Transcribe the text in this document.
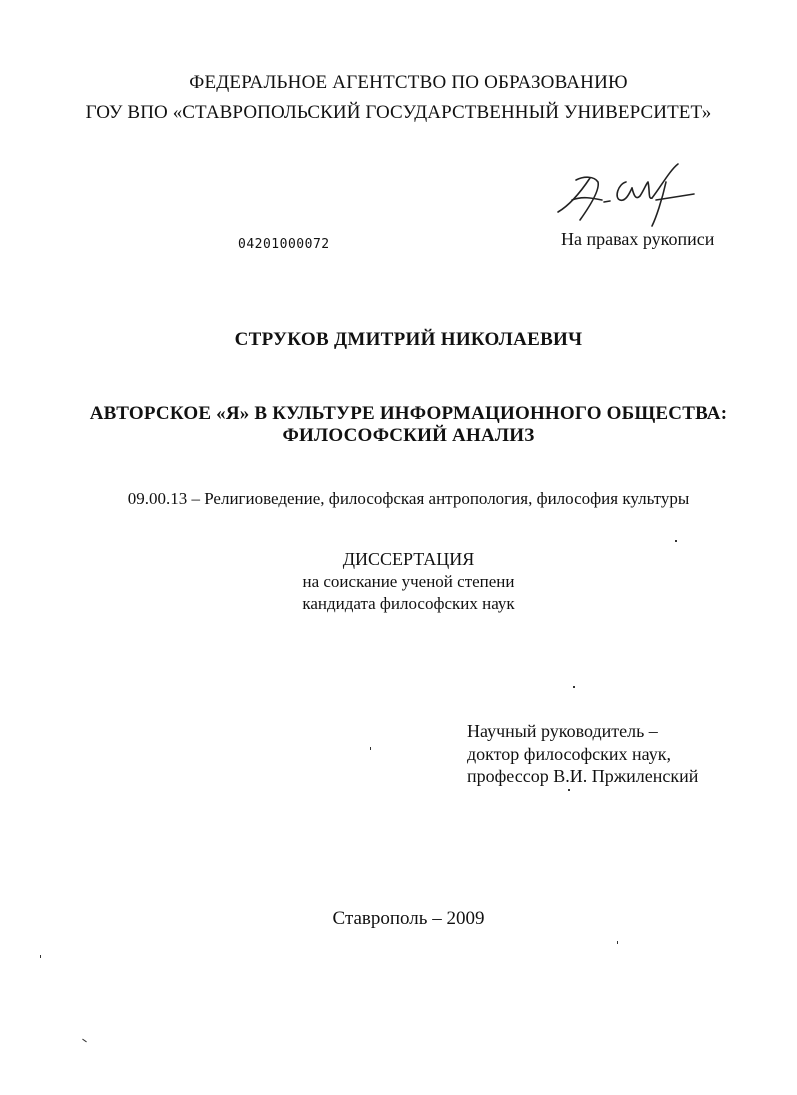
ФЕДЕРАЛЬНОЕ АГЕНТСТВО ПО ОБРАЗОВАНИЮ
ГОУ ВПО «СТАВРОПОЛЬСКИЙ ГОСУДАРСТВЕННЫЙ УНИВЕРСИТЕТ»
04201000072	На правах рукописи
СТРУКОВ ДМИТРИЙ НИКОЛАЕВИЧ
АВТОРСКОЕ «Я» В КУЛЬТУРЕ ИНФОРМАЦИОННОГО ОБЩЕСТВА:
ФИЛОСОФСКИЙ АНАЛИЗ
09.00.13 – Религиоведение, философская антропология, философия культуры
ДИССЕРТАЦИЯ
на соискание ученой степени
кандидата философских наук
Научный руководитель –
доктор философских наук,
профессор В.И. Пржиленский
Ставрополь – 2009
